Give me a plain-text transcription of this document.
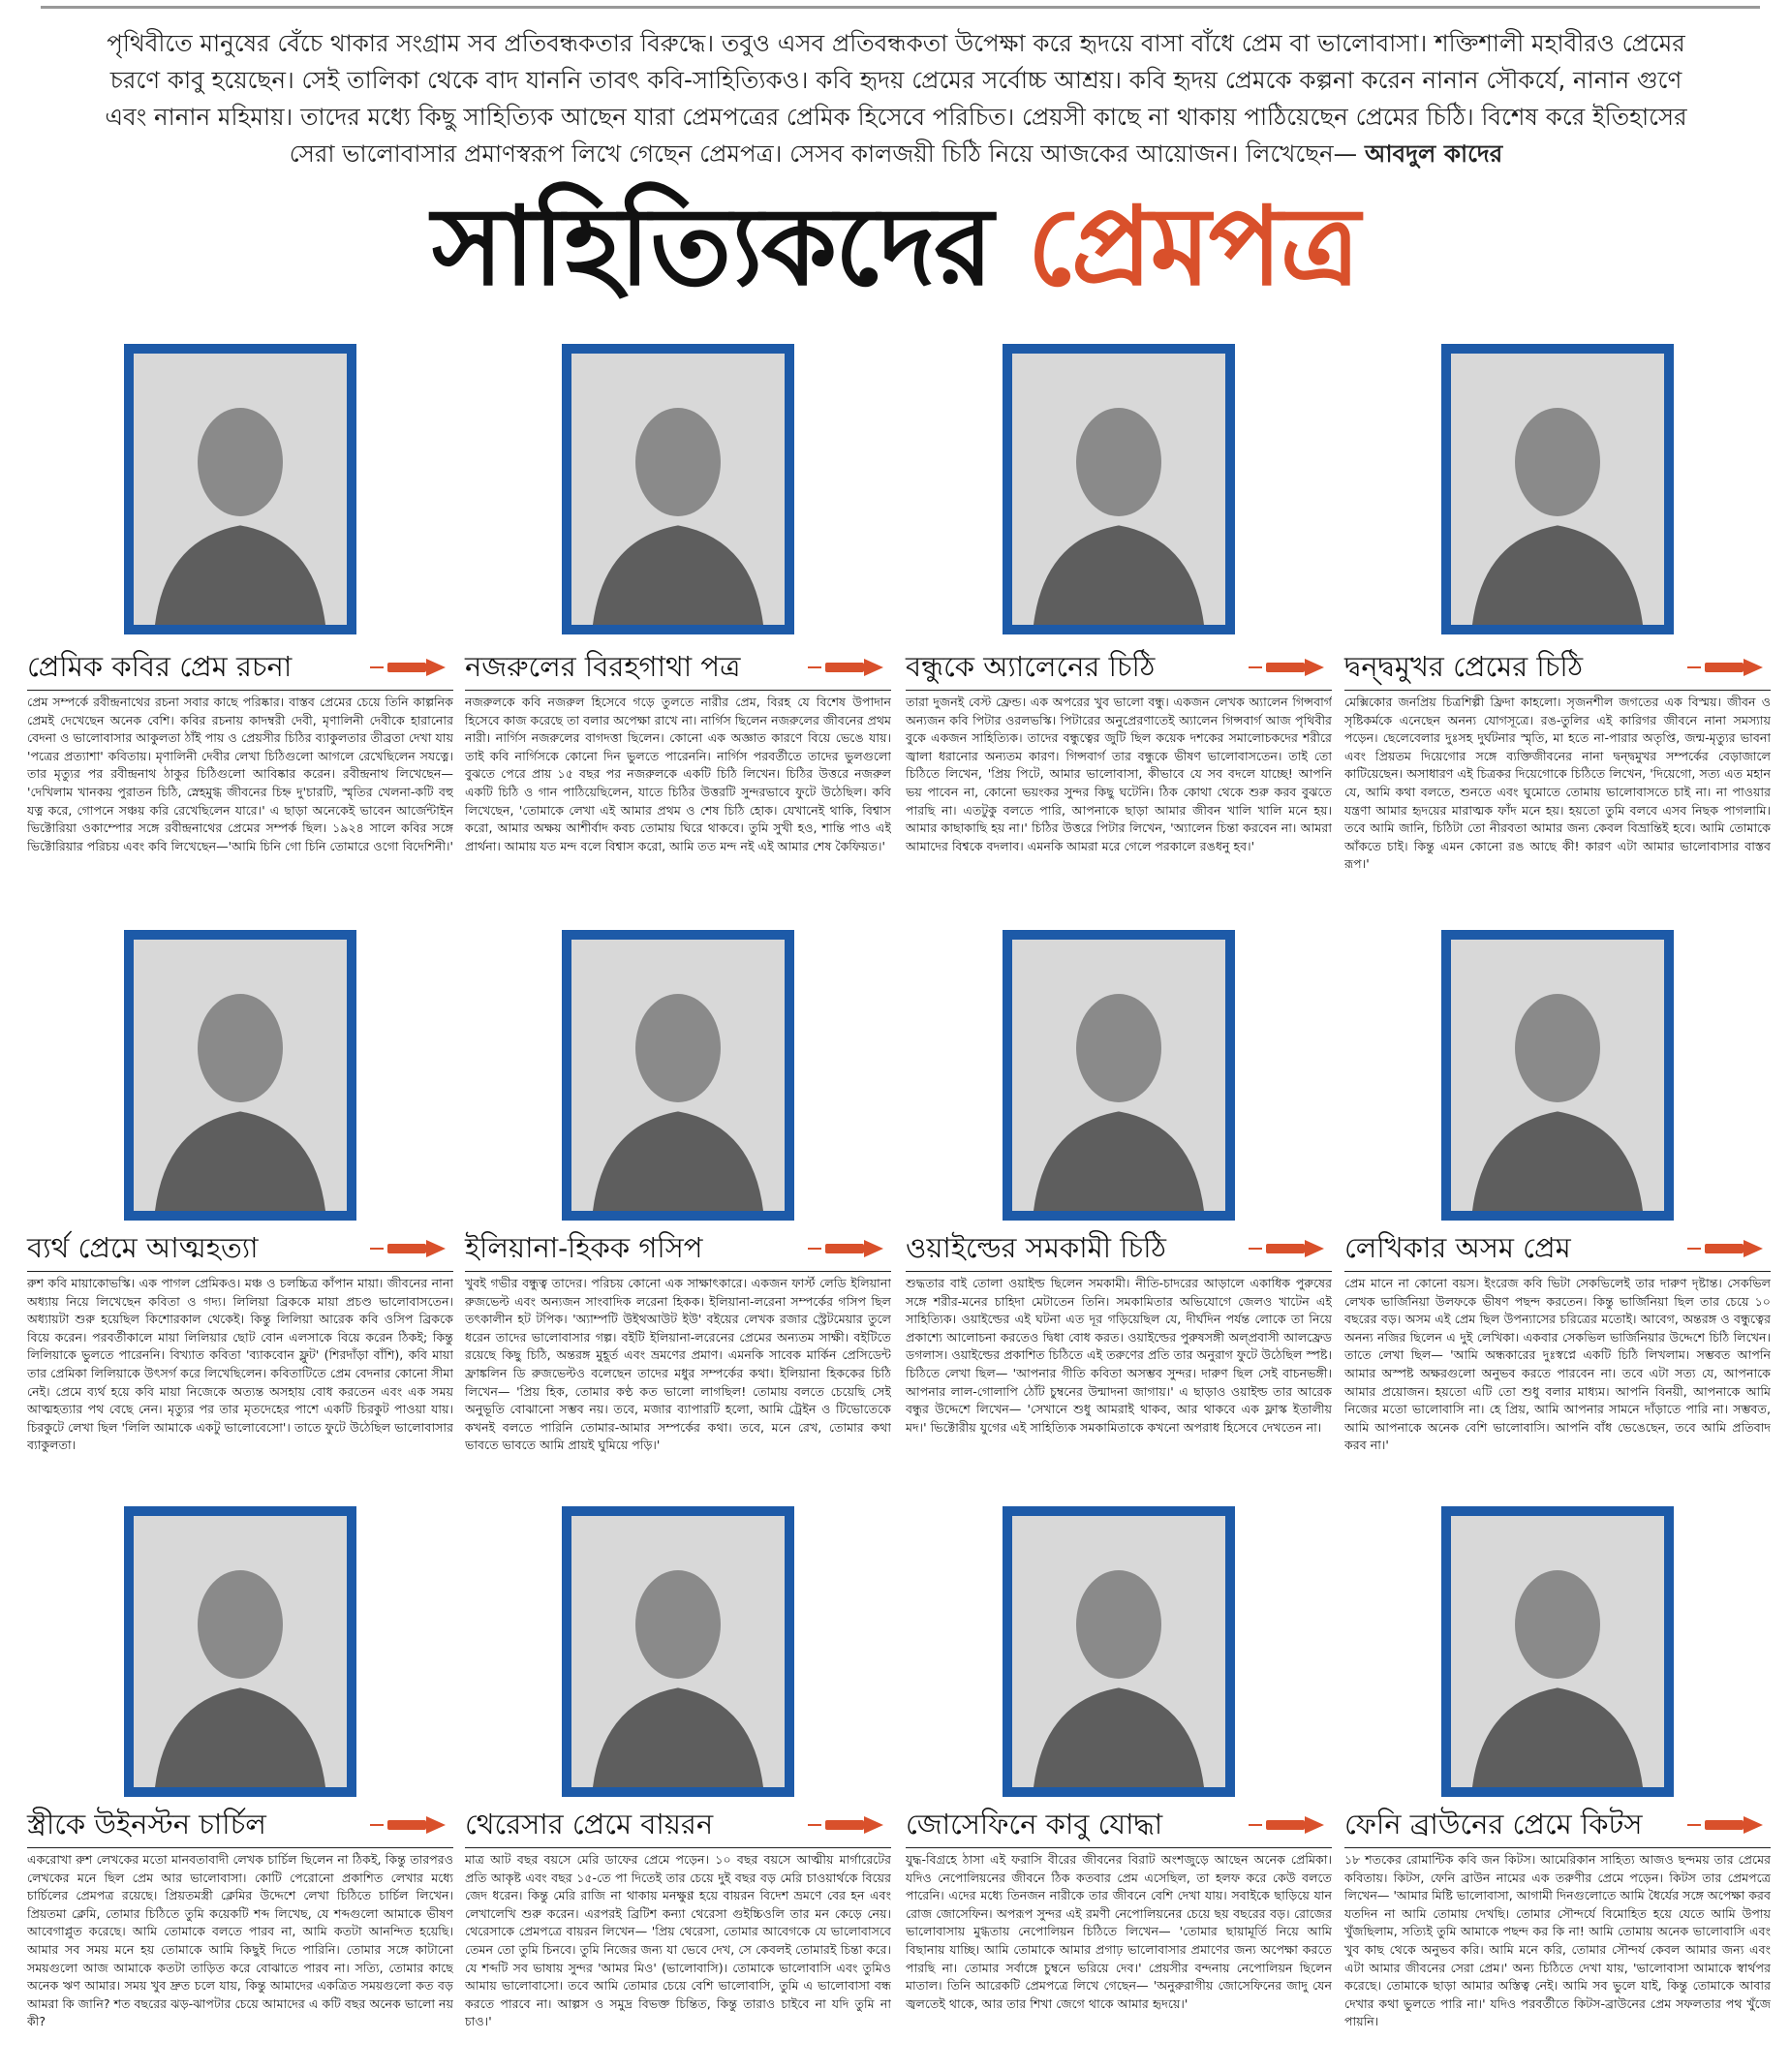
পৃথিবীতে মানুষের বেঁচে থাকার সংগ্রাম সব প্রতিবন্ধকতার বিরুদ্ধে। তবুও এসব প্রতিবন্ধকতা উপেক্ষা করে হৃদয়ে বাসা বাঁধে প্রেম বা ভালোবাসা। শক্তিশালী মহাবীরও প্রেমের চরণে কাবু হয়েছেন। সেই তালিকা থেকে বাদ যাননি তাবৎ কবি-সাহিত্যিকও। কবি হৃদয় প্রেমের সর্বোচ্চ আশ্রয়। কবি হৃদয় প্রেমকে কল্পনা করেন নানান সৌকর্যে, নানান গুণে এবং নানান মহিমায়। তাদের মধ্যে কিছু সাহিত্যিক আছেন যারা প্রেমপত্রের প্রেমিক হিসেবে পরিচিত। প্রেয়সী কাছে না থাকায় পাঠিয়েছেন প্রেমের চিঠি। বিশেষ করে ইতিহাসের সেরা ভালোবাসার প্রমাণস্বরূপ লিখে গেছেন প্রেমপত্র। সেসব কালজয়ী চিঠি নিয়ে আজকের আয়োজন। লিখেছেন— আবদুল কাদের
সাহিত্যিকদের প্রেমপত্র
প্রেমিক কবির প্রেম রচনা
প্রেম সম্পর্কে রবীন্দ্রনাথের রচনা সবার কাছে পরিষ্কার। বাস্তব প্রেমের চেয়ে তিনি কাল্পনিক প্রেমই দেখেছেন অনেক বেশি। কবির রচনায় কাদম্বরী দেবী, মৃণালিনী দেবীকে হারানোর বেদনা ও ভালোবাসার আকুলতা ঠাঁই পায় ও প্রেয়সীর চিঠির ব্যাকুলতার তীব্রতা দেখা যায় 'পত্রের প্রত্যাশা' কবিতায়। মৃণালিনী দেবীর লেখা চিঠিগুলো আগলে রেখেছিলেন সযত্নে। তার মৃত্যুর পর রবীন্দ্রনাথ ঠাকুর চিঠিগুলো আবিষ্কার করেন। রবীন্দ্রনাথ লিখেছেন— 'দেখিলাম খানকয় পুরাতন চিঠি, স্নেহমুগ্ধ জীবনের চিহ্ন দু'চারটি, স্মৃতির খেলনা-কটি বহু যত্ন করে, গোপনে সঞ্চয় করি রেখেছিলেন যারে।' এ ছাড়া অনেকেই ভাবেন আর্জেন্টাইন ভিক্টোরিয়া ওকাম্পোর সঙ্গে রবীন্দ্রনাথের প্রেমের সম্পর্ক ছিল। ১৯২৪ সালে কবির সঙ্গে ভিক্টোরিয়ার পরিচয় এবং কবি লিখেছেন—'আমি চিনি গো চিনি তোমারে ওগো বিদেশিনী।'
নজরুলের বিরহগাথা পত্র
নজরুলকে কবি নজরুল হিসেবে গড়ে তুলতে নারীর প্রেম, বিরহ যে বিশেষ উপাদান হিসেবে কাজ করেছে তা বলার অপেক্ষা রাখে না। নার্গিস ছিলেন নজরুলের জীবনের প্রথম নারী। নার্গিস নজরুলের বাগদত্তা ছিলেন। কোনো এক অজ্ঞাত কারণে বিয়ে ভেঙে যায়। তাই কবি নার্গিসকে কোনো দিন ভুলতে পারেননি। নার্গিস পরবর্তীতে তাদের ভুলগুলো বুঝতে পেরে প্রায় ১৫ বছর পর নজরুলকে একটি চিঠি লিখেন। চিঠির উত্তরে নজরুল একটি চিঠি ও গান পাঠিয়েছিলেন, যাতে চিঠির উত্তরটি সুন্দরভাবে ফুটে উঠেছিল। কবি লিখেছেন, 'তোমাকে লেখা এই আমার প্রথম ও শেষ চিঠি হোক। যেখানেই থাকি, বিশ্বাস করো, আমার অক্ষয় আশীর্বাদ কবচ তোমায় ঘিরে থাকবে। তুমি সুখী হও, শান্তি পাও এই প্রার্থনা। আমায় যত মন্দ বলে বিশ্বাস করো, আমি তত মন্দ নই এই আমার শেষ কৈফিয়ত।'
বন্ধুকে অ্যালেনের চিঠি
তারা দুজনই বেস্ট ফ্রেন্ড। এক অপরের খুব ভালো বন্ধু। একজন লেখক অ্যালেন গিন্সবার্গ অন্যজন কবি পিটার ওরলভস্কি। পিটারের অনুপ্রেরণাতেই অ্যালেন গিন্সবার্গ আজ পৃথিবীর বুকে একজন সাহিত্যিক। তাদের বন্ধুত্বের জুটি ছিল কয়েক দশকের সমালোচকদের শরীরে জ্বালা ধরানোর অন্যতম কারণ। গিন্সবার্গ তার বন্ধুকে ভীষণ ভালোবাসতেন। তাই তো চিঠিতে লিখেন, 'প্রিয় পিটে, আমার ভালোবাসা, কীভাবে যে সব বদলে যাচ্ছে! আপনি ভয় পাবেন না, কোনো ভয়ংকর সুন্দর কিছু ঘটেনি। ঠিক কোথা থেকে শুরু করব বুঝতে পারছি না। এতটুকু বলতে পারি, আপনাকে ছাড়া আমার জীবন খালি খালি মনে হয়। আমার কাছাকাছি হয় না।' চিঠির উত্তরে পিটার লিখেন, 'অ্যালেন চিন্তা করবেন না। আমরা আমাদের বিশ্বকে বদলাব। এমনকি আমরা মরে গেলে পরকালে রঙধনু হব।'
দ্বন্দ্বমুখর প্রেমের চিঠি
মেক্সিকোর জনপ্রিয় চিত্রশিল্পী ফ্রিদা কাহলো। সৃজনশীল জগতের এক বিস্ময়। জীবন ও সৃষ্টিকর্মকে এনেছেন অনন্য যোগসূত্রে। রঙ-তুলির এই কারিগর জীবনে নানা সমস্যায় পড়েন। ছেলেবেলার দুঃসহ দুর্ঘটনার স্মৃতি, মা হতে না-পারার অতৃপ্তি, জন্ম-মৃত্যুর ভাবনা এবং প্রিয়তম দিয়েগোর সঙ্গে ব্যক্তিজীবনের নানা দ্বন্দ্বমুখর সম্পর্কের বেড়াজালে কাটিয়েছেন। অসাধারণ এই চিত্রকর দিয়েগোকে চিঠিতে লিখেন, 'দিয়েগো, সত্য এত মহান যে, আমি কথা বলতে, শুনতে এবং ঘুমোতে তোমায় ভালোবাসতে চাই না। না পাওয়ার যন্ত্রণা আমার হৃদয়ের মারাত্মক ফাঁদ মনে হয়। হয়তো তুমি বলবে এসব নিছক পাগলামি। তবে আমি জানি, চিঠিটা তো নীরবতা আমার জন্য কেবল বিভ্রান্তিই হবে। আমি তোমাকে আঁকতে চাই। কিন্তু এমন কোনো রঙ আছে কী! কারণ এটা আমার ভালোবাসার বাস্তব রূপ।'
ব্যর্থ প্রেমে আত্মহত্যা
রুশ কবি মায়াকোভস্কি। এক পাগল প্রেমিকও। মঞ্চ ও চলচ্চিত্র কাঁপান মায়া। জীবনের নানা অধ্যায় নিয়ে লিখেছেন কবিতা ও গদ্য। লিলিয়া ব্রিককে মায়া প্রচণ্ড ভালোবাসতেন। অধ্যায়টা শুরু হয়েছিল কিশোরকাল থেকেই। কিন্তু লিলিয়া আরেক কবি ওসিপ ব্রিককে বিয়ে করেন। পরবর্তীকালে মায়া লিলিয়ার ছোট বোন এলসাকে বিয়ে করেন ঠিকই; কিন্তু লিলিয়াকে ভুলতে পারেননি। বিখ্যাত কবিতা 'ব্যাকবোন ফ্লুট' (শিরদাঁড়া বাঁশি), কবি মায়া তার প্রেমিকা লিলিয়াকে উৎসর্গ করে লিখেছিলেন। কবিতাটিতে প্রেম বেদনার কোনো সীমা নেই। প্রেমে ব্যর্থ হয়ে কবি মায়া নিজেকে অত্যন্ত অসহায় বোধ করতেন এবং এক সময় আত্মহত্যার পথ বেছে নেন। মৃত্যুর পর তার মৃতদেহের পাশে একটি চিরকুট পাওয়া যায়। চিরকুটে লেখা ছিল 'লিলি আমাকে একটু ভালোবেসো'। তাতে ফুটে উঠেছিল ভালোবাসার ব্যাকুলতা।
ইলিয়ানা-হিকক গসিপ
খুবই গভীর বন্ধুত্ব তাদের। পরিচয় কোনো এক সাক্ষাৎকারে। একজন ফার্স্ট লেডি ইলিয়ানা রুজভেল্ট এবং অন্যজন সাংবাদিক লরেনা হিকক। ইলিয়ানা-লরেনা সম্পর্কের গসিপ ছিল তৎকালীন হট টপিক। 'অ্যাম্পটি উইথআউট ইউ' বইয়ের লেখক রজার স্ট্রেটমেয়ার তুলে ধরেন তাদের ভালোবাসার গল্প। বইটি ইলিয়ানা-লরেনের প্রেমের অন্যতম সাক্ষী। বইটিতে রয়েছে কিছু চিঠি, অন্তরঙ্গ মুহূর্ত এবং ভ্রমণের প্রমাণ। এমনকি সাবেক মার্কিন প্রেসিডেন্ট ফ্রাঙ্কলিন ডি রুজভেল্টও বলেছেন তাদের মধুর সম্পর্কের কথা। ইলিয়ানা হিককের চিঠি লিখেন— 'প্রিয় হিক, তোমার কণ্ঠ কত ভালো লাগছিল! তোমায় বলতে চেয়েছি সেই অনুভূতি বোঝানো সম্ভব নয়। তবে, মজার ব্যাপারটি হলো, আমি ট্রেইন ও টিভোতেকে কখনই বলতে পারিনি তোমার-আমার সম্পর্কের কথা। তবে, মনে রেখ, তোমার কথা ভাবতে ভাবতে আমি প্রায়ই ঘুমিয়ে পড়ি।'
ওয়াইল্ডের সমকামী চিঠি
শুদ্ধতার বাই তোলা ওয়াইল্ড ছিলেন সমকামী। নীতি-চাদরের আড়ালে একাধিক পুরুষের সঙ্গে শরীর-মনের চাহিদা মেটাতেন তিনি। সমকামিতার অভিযোগে জেলও খাটেন এই সাহিত্যিক। ওয়াইল্ডের এই ঘটনা এত দূর গড়িয়েছিল যে, দীর্ঘদিন পর্যন্ত লোকে তা নিয়ে প্রকাশ্যে আলোচনা করতেও দ্বিধা বোধ করত। ওয়াইল্ডের পুরুষসঙ্গী অল্প্রবাসী আলফ্রেড ডগলাস। ওয়াইল্ডের প্রকাশিত চিঠিতে এই তরুণের প্রতি তার অনুরাগ ফুটে উঠেছিল স্পষ্ট। চিঠিতে লেখা ছিল— 'আপনার গীতি কবিতা অসম্ভব সুন্দর। দারুণ ছিল সেই বাচনভঙ্গী। আপনার লাল-গোলাপি ঠোঁট চুম্বনের উন্মাদনা জাগায়।' এ ছাড়াও ওয়াইল্ড তার আরেক বন্ধুর উদ্দেশে লিখেন— 'সেখানে শুধু আমরাই থাকব, আর থাকবে এক ফ্লাস্ক ইতালীয় মদ।' ভিক্টোরীয় যুগের এই সাহিত্যিক সমকামিতাকে কখনো অপরাধ হিসেবে দেখতেন না।
লেখিকার অসম প্রেম
প্রেম মানে না কোনো বয়স। ইংরেজ কবি ভিটা সেকভিলেই তার দারুণ দৃষ্টান্ত। সেকভিল লেখক ভার্জিনিয়া উলফকে ভীষণ পছন্দ করতেন। কিন্তু ভার্জিনিয়া ছিল তার চেয়ে ১০ বছরের বড়। অসম এই প্রেম ছিল উপন্যাসের চরিত্রের মতোই। আবেগ, অন্তরঙ্গ ও বন্ধুত্বের অনন্য নজির ছিলেন এ দুই লেখিকা। একবার সেকভিল ভার্জিনিয়ার উদ্দেশে চিঠি লিখেন। তাতে লেখা ছিল— 'আমি অন্ধকারের দুঃস্বপ্নে একটি চিঠি লিখলাম। সম্ভবত আপনি আমার অস্পষ্ট অক্ষরগুলো অনুভব করতে পারবেন না। তবে এটা সত্য যে, আপনাকে আমার প্রয়োজন। হয়তো এটি তো শুধু বলার মাধ্যম। আপনি বিনয়ী, আপনাকে আমি নিজের মতো ভালোবাসি না। হে প্রিয়, আমি আপনার সামনে দাঁড়াতে পারি না। সম্ভবত, আমি আপনাকে অনেক বেশি ভালোবাসি। আপনি বাঁধ ভেঙেছেন, তবে আমি প্রতিবাদ করব না।'
স্ত্রীকে উইনস্টন চার্চিল
একরোখা রুশ লেখকের মতো মানবতাবাদী লেখক চার্চিল ছিলেন না ঠিকই, কিন্তু তারপরও লেখকের মনে ছিল প্রেম আর ভালোবাসা। কোটি পেরোনো প্রকাশিত লেখার মধ্যে চার্চিলের প্রেমপত্র রয়েছে। প্রিয়তমস্ত্রী ক্লেমির উদ্দেশে লেখা চিঠিতে চার্চিল লিখেন। প্রিয়তমা ক্লেমি, তোমার চিঠিতে তুমি কয়েকটি শব্দ লিখেছ, যে শব্দগুলো আমাকে ভীষণ আবেগাপ্লুত করেছে। আমি তোমাকে বলতে পারব না, আমি কতটা আনন্দিত হয়েছি। আমার সব সময় মনে হয় তোমাকে আমি কিছুই দিতে পারিনি। তোমার সঙ্গে কাটানো সময়গুলো আজ আমাকে কতটা তাড়িত করে বোঝাতে পারব না। সত্যি, তোমার কাছে অনেক ঋণ আমার। সময় খুব দ্রুত চলে যায়, কিন্তু আমাদের একত্রিত সময়গুলো কত বড় আমরা কি জানি? শত বছরের ঝড়-ঝাপটার চেয়ে আমাদের এ কটি বছর অনেক ভালো নয় কী?
থেরেসার প্রেমে বায়রন
মাত্র আট বছর বয়সে মেরি ডাফের প্রেমে পড়েন। ১০ বছর বয়সে আত্মীয় মার্গারেটের প্রতি আকৃষ্ট এবং বছর ১৫-তে পা দিতেই তার চেয়ে দুই বছর বড় মেরি চাওয়ার্থকে বিয়ের জেদ ধরেন। কিন্তু মেরি রাজি না থাকায় মনক্ষুণ্ণ হয়ে বায়রন বিদেশ ভ্রমণে বের হন এবং লেখালেখি শুরু করেন। এরপরই ব্রিটিশ কন্যা থেরেসা গুইচ্চিওলি তার মন কেড়ে নেয়। থেরেসাকে প্রেমপত্রে বায়রন লিখেন— 'প্রিয় থেরেসা, তোমার আবেগকে যে ভালোবাসবে তেমন তো তুমি চিনবে। তুমি নিজের জন্য যা ভেবে দেখ, সে কেবলই তোমারই চিন্তা করে। যে শব্দটি সব ভাষায় সুন্দর 'আমর মিও' (ভালোবাসি)। তোমাকে ভালোবাসি এবং তুমিও আমায় ভালোবাসো। তবে আমি তোমার চেয়ে বেশি ভালোবাসি, তুমি এ ভালোবাসা বন্ধ করতে পারবে না। আল্পস ও সমুদ্র বিভক্ত চিন্তিত, কিন্তু তারাও চাইবে না যদি তুমি না চাও।'
জোসেফিনে কাবু যোদ্ধা
যুদ্ধ-বিগ্রহে ঠাসা এই ফরাসি বীরের জীবনের বিরাট অংশজুড়ে আছেন অনেক প্রেমিকা। যদিও নেপোলিয়নের জীবনে ঠিক কতবার প্রেম এসেছিল, তা হলফ করে কেউ বলতে পারেনি। এদের মধ্যে তিনজন নারীকে তার জীবনে বেশি দেখা যায়। সবাইকে ছাড়িয়ে যান রোজ জোসেফিন। অপরূপ সুন্দর এই রমণী নেপোলিয়নের চেয়ে ছয় বছরের বড়। রোজের ভালোবাসায় মুগ্ধতায় নেপোলিয়ন চিঠিতে লিখেন— 'তোমার ছায়ামূর্তি নিয়ে আমি বিছানায় যাচ্ছি। আমি তোমাকে আমার প্রগাঢ় ভালোবাসার প্রমাণের জন্য অপেক্ষা করতে পারছি না। তোমার সর্বাঙ্গে চুম্বনে ভরিয়ে দেব।' প্রেয়সীর বন্দনায় নেপোলিয়ন ছিলেন মাতাল। তিনি আরেকটি প্রেমপত্রে লিখে গেছেন— 'অনুরুরাগীয় জোসেফিনের জাদু যেন জ্বলতেই থাকে, আর তার শিখা জেগে থাকে আমার হৃদয়ে।'
ফেনি ব্রাউনের প্রেমে কিটস
১৮ শতকের রোমান্টিক কবি জন কিটস। আমেরিকান সাহিত্য আজও ছন্দময় তার প্রেমের কবিতায়। কিটস, ফেনি ব্রাউন নামের এক তরুণীর প্রেমে পড়েন। কিটস তার প্রেমপত্রে লিখেন— 'আমার মিষ্টি ভালোবাসা, আগামী দিনগুলোতে আমি ধৈর্যের সঙ্গে অপেক্ষা করব যতদিন না আমি তোমায় দেখছি। তোমার সৌন্দর্যে বিমোহিত হয়ে যেতে আমি উপায় খুঁজছিলাম, সত্যিই তুমি আমাকে পছন্দ কর কি না! আমি তোমায় অনেক ভালোবাসি এবং খুব কাছ থেকে অনুভব করি। আমি মনে করি, তোমার সৌন্দর্য কেবল আমার জন্য এবং এটা আমার জীবনের সেরা প্রেম।' অন্য চিঠিতে দেখা যায়, 'ভালোবাসা আমাকে স্বার্থপর করেছে। তোমাকে ছাড়া আমার অস্তিত্ব নেই। আমি সব ভুলে যাই, কিন্তু তোমাকে আবার দেখার কথা ভুলতে পারি না।' যদিও পরবর্তীতে কিটস-ব্রাউনের প্রেম সফলতার পথ খুঁজে পায়নি।
